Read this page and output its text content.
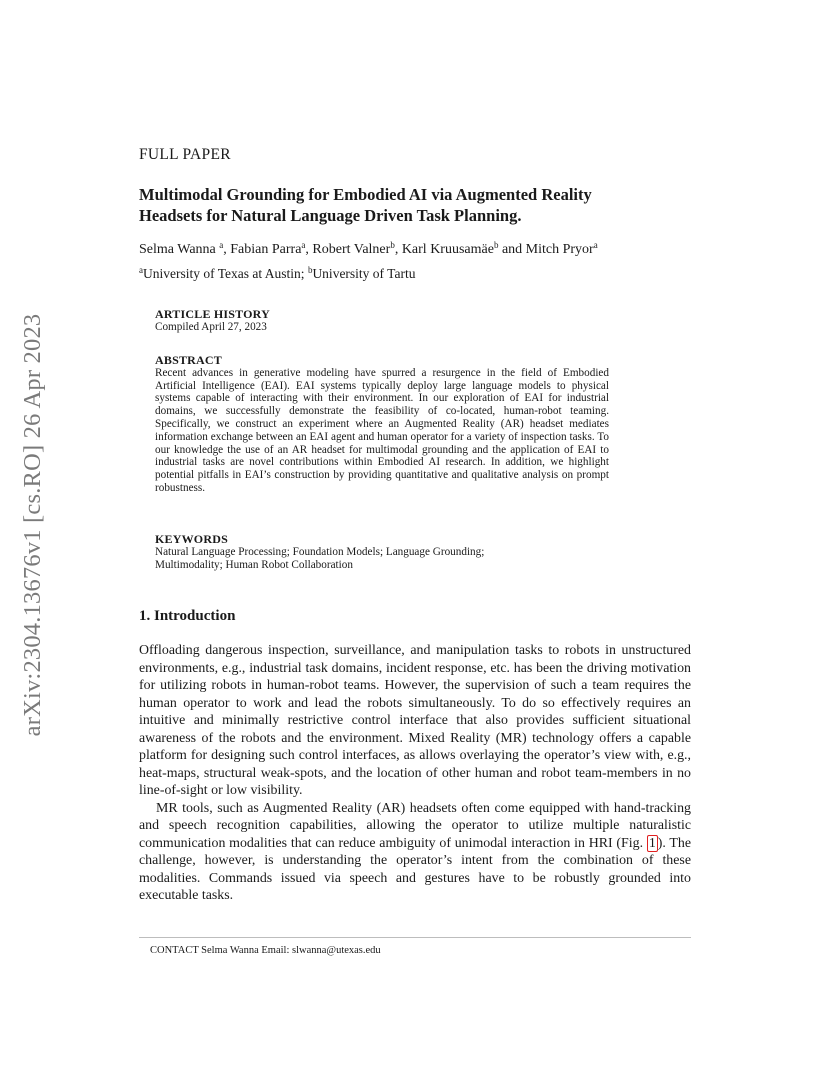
arXiv:2304.13676v1 [cs.RO] 26 Apr 2023
FULL PAPER
Multimodal Grounding for Embodied AI via Augmented Reality
Headsets for Natural Language Driven Task Planning.
Selma Wanna $^a$, Fabian Parra$^a$, Robert Valner$^b$, Karl Kruusamäe$^b$ and Mitch Pryor$^a$
$^a$University of Texas at Austin; $^b$University of Tartu
ARTICLE HISTORY
Compiled April 27, 2023
ABSTRACT
Recent advances in generative modeling have spurred a resurgence in the field of Embodied Artificial Intelligence (EAI). EAI systems typically deploy large language models to physical systems capable of interacting with their environment. In our exploration of EAI for industrial domains, we successfully demonstrate the feasibility of co-located, human-robot teaming. Specifically, we construct an experiment where an Augmented Reality (AR) headset mediates information exchange between an EAI agent and human operator for a variety of inspection tasks. To our knowledge the use of an AR headset for multimodal grounding and the application of EAI to industrial tasks are novel contributions within Embodied AI research. In addition, we highlight potential pitfalls in EAI’s construction by providing quantitative and qualitative analysis on prompt robustness.
KEYWORDS
Natural Language Processing; Foundation Models; Language Grounding;
Multimodality; Human Robot Collaboration
1. Introduction

Offloading dangerous inspection, surveillance, and manipulation tasks to robots in unstructured environments, e.g., industrial task domains, incident response, etc. has been the driving motivation for utilizing robots in human-robot teams. However, the supervision of such a team requires the human operator to work and lead the robots simultaneously. To do so effectively requires an intuitive and minimally restrictive control interface that also provides sufficient situational awareness of the robots and the environment. Mixed Reality (MR) technology offers a capable platform for designing such control interfaces, as allows overlaying the operator’s view with, e.g., heat-maps, structural weak-spots, and the location of other human and robot team-members in no line-of-sight or low visibility.

MR tools, such as Augmented Reality (AR) headsets often come equipped with hand-tracking and speech recognition capabilities, allowing the operator to utilize multiple naturalistic communication modalities that can reduce ambiguity of unimodal interaction in HRI (Fig. 1 ). The challenge, however, is understanding the operator’s intent from the combination of these modalities. Commands issued via speech and gestures have to be robustly grounded into executable tasks.

CONTACT Selma Wanna Email: slwanna@utexas.edu
